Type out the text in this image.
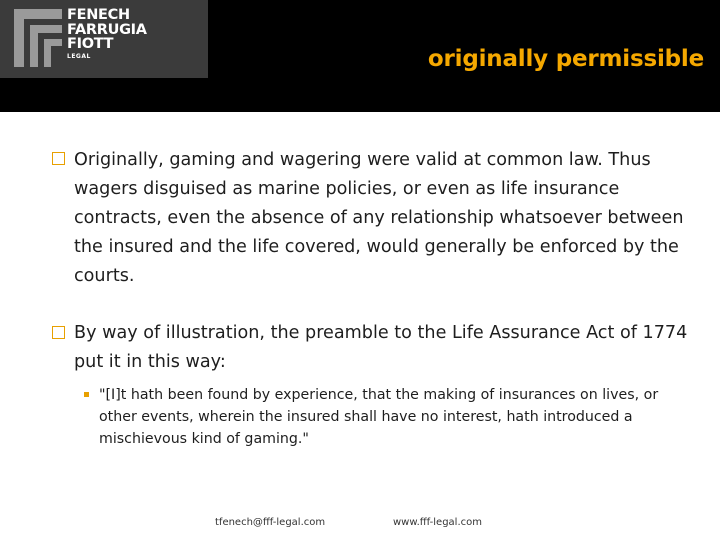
FENECH
FARRUGIA
FIOTT
LEGAL	originally permissible
Originally, gaming and wagering were valid at common law. Thus wagers disguised as marine policies, or even as life insurance contracts, even the absence of any relationship whatsoever between the insured and the life covered, would generally be enforced by the courts.
By way of illustration, the preamble to the Life Assurance Act of 1774 put it in this way:
"[I]t hath been found by experience, that the making of insurances on lives, or other events, wherein the insured shall have no interest, hath introduced a mischievous kind of gaming."
tfenech@fff-legal.com	www.fff-legal.com
